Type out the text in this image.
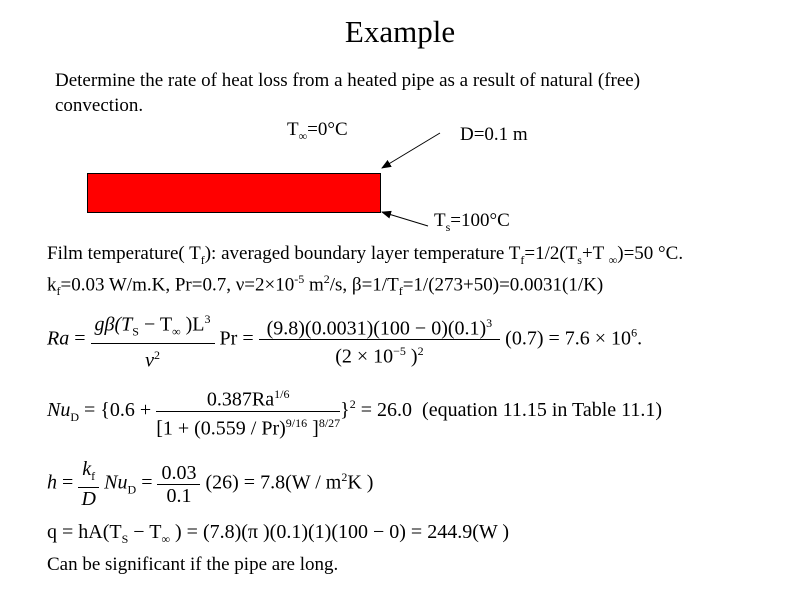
Example
Determine the rate of heat loss from a heated pipe as a result of natural (free)
convection.
$T_\infty=0^\circ C$	D=0.1 m
$T_s=100^\circ C$
Film temperature( $T_f$): averaged boundary layer temperature $T_f=1/2(T_s+T$ $_\infty$)=50 °C.
$k_f=0.03$ W/m.K, Pr=0.7, $\nu=2\times 10^{-5}$ $m^2/s$, $\beta=1/T_f=1/(273+50)=0.0031(1/K)$
$Ra = \frac{g\beta(T_S - T_\infty )L^3}{\nu^2}$ $Pr = \frac{(9.8)(0.0031)(100 - 0)(0.1)^3}{(2 \times 10^{-5} )^2} (0.7) = 7.6 \times 10^6$.
$Nu_D = \{0.6 + \frac{0.387Ra^{1/6}}{[1 + (0.559 / Pr)^{9/16} ]^{8/27}} \}^2 = 26.0$ (equation 11.15 in Table 11.1)
$h = \frac{k_f}{D} Nu_D = \frac{0.03}{0.1} (26) = 7.8(W / m^2K$ )
$q = hA(T_S - T_\infty$ ) = (7.8)(π )(0.1)(1)(100 − 0) = 244.9(W )
Can be significant if the pipe are long.
